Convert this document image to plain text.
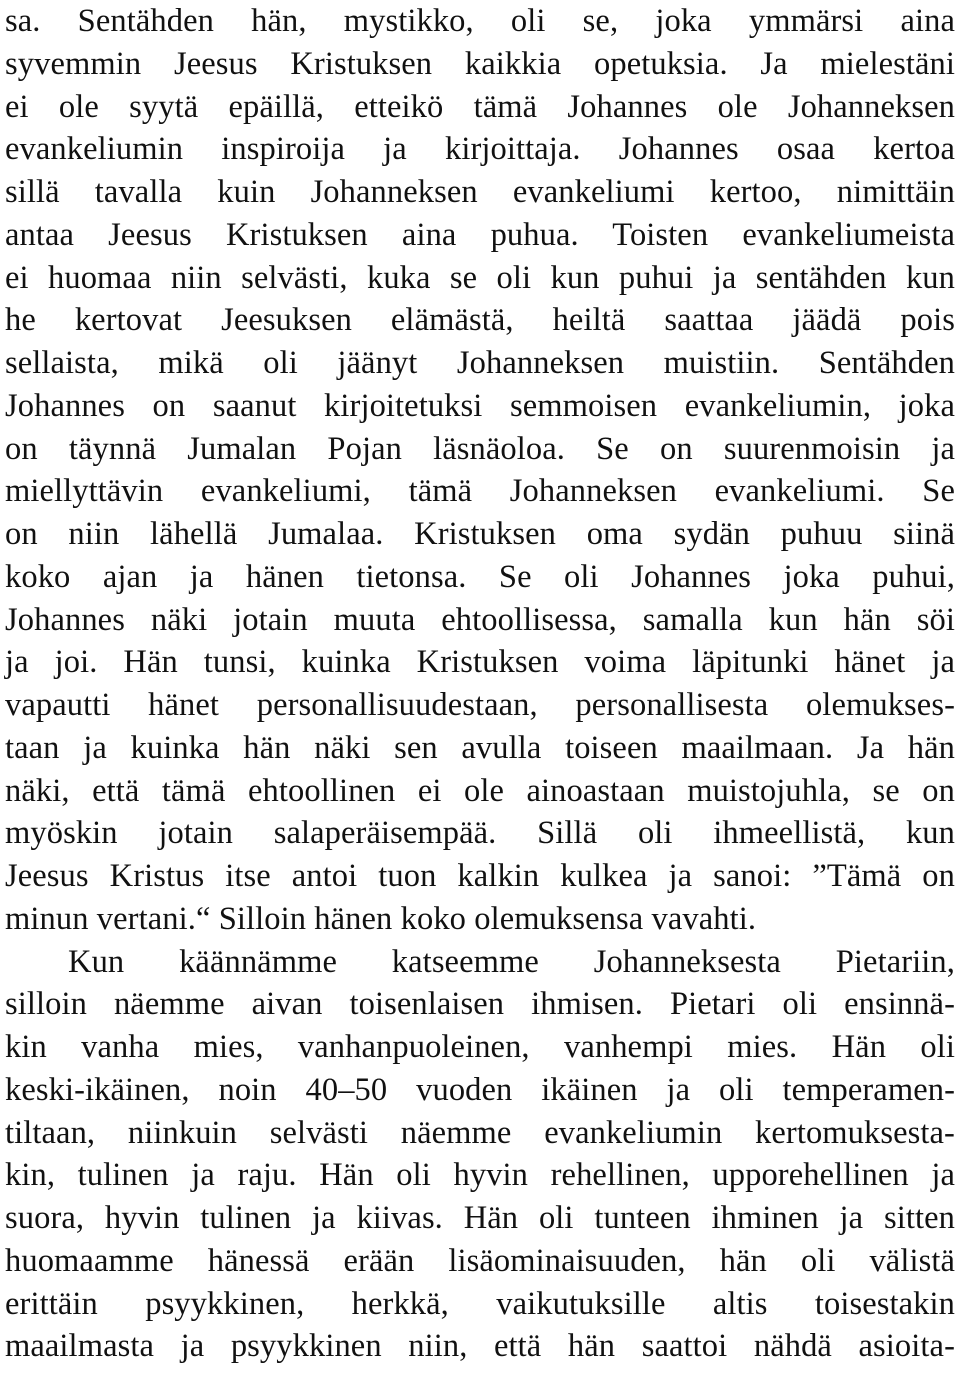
sa. Sentähden hän, mystikko, oli se, joka ymmärsi aina
syvemmin Jeesus Kristuksen kaikkia opetuksia. Ja mielestäni
ei ole syytä epäillä, etteikö tämä Johannes ole Johanneksen
evankeliumin inspiroija ja kirjoittaja. Johannes osaa kertoa
sillä tavalla kuin Johanneksen evankeliumi kertoo, nimittäin
antaa Jeesus Kristuksen aina puhua. Toisten evankeliumeista
ei huomaa niin selvästi, kuka se oli kun puhui ja sentähden kun
he kertovat Jeesuksen elämästä, heiltä saattaa jäädä pois
sellaista, mikä oli jäänyt Johanneksen muistiin. Sentähden
Johannes on saanut kirjoitetuksi semmoisen evankeliumin, joka
on täynnä Jumalan Pojan läsnäoloa. Se on suurenmoisin ja
miellyttävin evankeliumi, tämä Johanneksen evankeliumi. Se
on niin lähellä Jumalaa. Kristuksen oma sydän puhuu siinä
koko ajan ja hänen tietonsa. Se oli Johannes joka puhui,
Johannes näki jotain muuta ehtoollisessa, samalla kun hän söi
ja joi. Hän tunsi, kuinka Kristuksen voima läpitunki hänet ja
vapautti hänet personallisuudestaan, personallisesta olemukses-
taan ja kuinka hän näki sen avulla toiseen maailmaan. Ja hän
näki, että tämä ehtoollinen ei ole ainoastaan muistojuhla, se on
myöskin jotain salaperäisempää. Sillä oli ihmeellistä, kun
Jeesus Kristus itse antoi tuon kalkin kulkea ja sanoi: ”Tämä on
minun vertani.“ Silloin hänen koko olemuksensa vavahti.
Kun käännämme katseemme Johanneksesta Pietariin,
silloin näemme aivan toisenlaisen ihmisen. Pietari oli ensinnä-
kin vanha mies, vanhanpuoleinen, vanhempi mies. Hän oli
keski-ikäinen, noin 40–50 vuoden ikäinen ja oli temperamen-
tiltaan, niinkuin selvästi näemme evankeliumin kertomuksesta-
kin, tulinen ja raju. Hän oli hyvin rehellinen, upporehellinen ja
suora, hyvin tulinen ja kiivas. Hän oli tunteen ihminen ja sitten
huomaamme hänessä erään lisäominaisuuden, hän oli välistä
erittäin psyykkinen, herkkä, vaikutuksille altis toisestakin
maailmasta ja psyykkinen niin, että hän saattoi nähdä asioita-
